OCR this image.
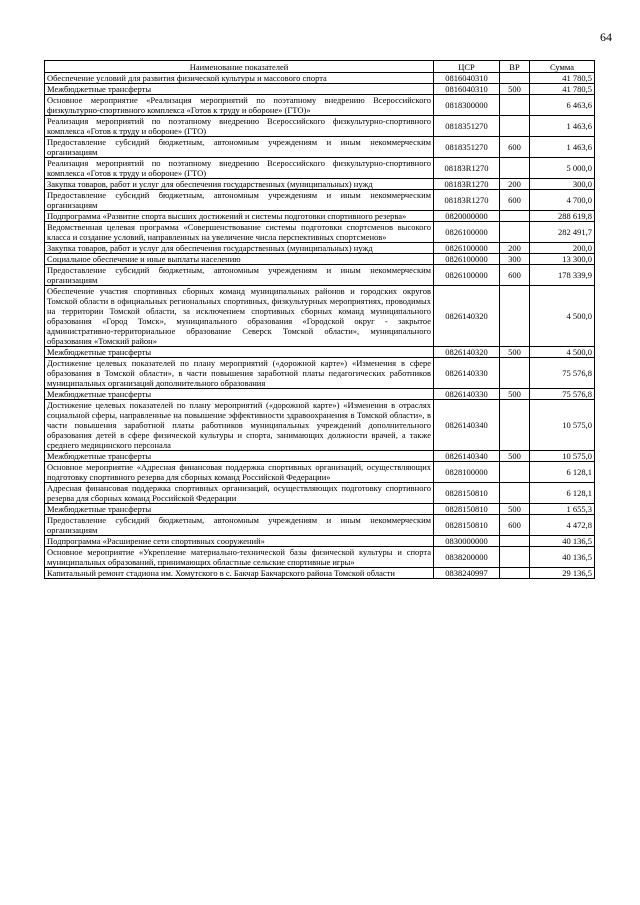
64
Наименование показателей	ЦСР	ВР	Сумма
Обеспечение условий для развития физической культуры и массового спорта	0816040310		41 780,5
Межбюджетные трансферты	0816040310	500	41 780,5
Основное мероприятие «Реализация мероприятий по поэтапному внедрению Всероссийского физкультурно-спортивного комплекса «Готов к труду и обороне» (ГТО)»	0818300000		6 463,6
Реализация мероприятий по поэтапному внедрению Всероссийского физкультурно-спортивного комплекса «Готов к труду и обороне» (ГТО)	0818351270		1 463,6
Предоставление субсидий бюджетным, автономным учреждениям и иным некоммерческим организациям	0818351270	600	1 463,6
Реализация мероприятий по поэтапному внедрению Всероссийского физкультурно-спортивного комплекса «Готов к труду и обороне» (ГТО)	08183R1270		5 000,0
Закупка товаров, работ и услуг для обеспечения государственных (муниципальных) нужд	08183R1270	200	300,0
Предоставление субсидий бюджетным, автономным учреждениям и иным некоммерческим организациям	08183R1270	600	4 700,0
Подпрограмма «Развитие спорта высших достижений и системы подготовки спортивного резерва»	0820000000		288 619,8
Ведомственная целевая программа «Совершенствование системы подготовки спортсменов высокого класса и создание условий, направленных на увеличение числа перспективных спортсменов»	0826100000		282 491,7
Закупка товаров, работ и услуг для обеспечения государственных (муниципальных) нужд	0826100000	200	200,0
Социальное обеспечение и иные выплаты населению	0826100000	300	13 300,0
Предоставление субсидий бюджетным, автономным учреждениям и иным некоммерческим организациям	0826100000	600	178 339,9
Обеспечение участия спортивных сборных команд муниципальных районов и городских округов Томской области в официальных региональных спортивных, физкультурных мероприятиях, проводимых на территории Томской области, за исключением спортивных сборных команд муниципального образования «Город Томск», муниципального образования «Городской округ - закрытое административно-территориальное образование Северск Томской области», муниципального образования «Томский район»	0826140320		4 500,0
Межбюджетные трансферты	0826140320	500	4 500,0
Достижение целевых показателей по плану мероприятий («дорожной карте») «Изменения в сфере образования в Томской области», в части повышения заработной платы педагогических работников муниципальных организаций дополнительного образования	0826140330		75 576,8
Межбюджетные трансферты	0826140330	500	75 576,8
Достижение целевых показателей по плану мероприятий («дорожной карте») «Изменения в отраслях социальной сферы, направленные на повышение эффективности здравоохранения в Томской области», в части повышения заработной платы работников муниципальных учреждений дополнительного образования детей в сфере физической культуры и спорта, занимающих должности врачей, а также среднего медицинского персонала	0826140340		10 575,0
Межбюджетные трансферты	0826140340	500	10 575,0
Основное мероприятие «Адресная финансовая поддержка спортивных организаций, осуществляющих подготовку спортивного резерва для сборных команд Российской Федерации»	0828100000		6 128,1
Адресная финансовая поддержка спортивных организаций, осуществляющих подготовку спортивного резерва для сборных команд Российской Федерации	0828150810		6 128,1
Межбюджетные трансферты	0828150810	500	1 655,3
Предоставление субсидий бюджетным, автономным учреждениям и иным некоммерческим организациям	0828150810	600	4 472,8
Подпрограмма «Расширение сети спортивных сооружений»	0830000000		40 136,5
Основное мероприятие «Укрепление материально-технической базы физической культуры и спорта муниципальных образований, принимающих областные сельские спортивные игры»	0838200000		40 136,5
Капитальный ремонт стадиона им. Хомутского в с. Бакчар Бакчарского района Томской области	0838240997		29 136,5
